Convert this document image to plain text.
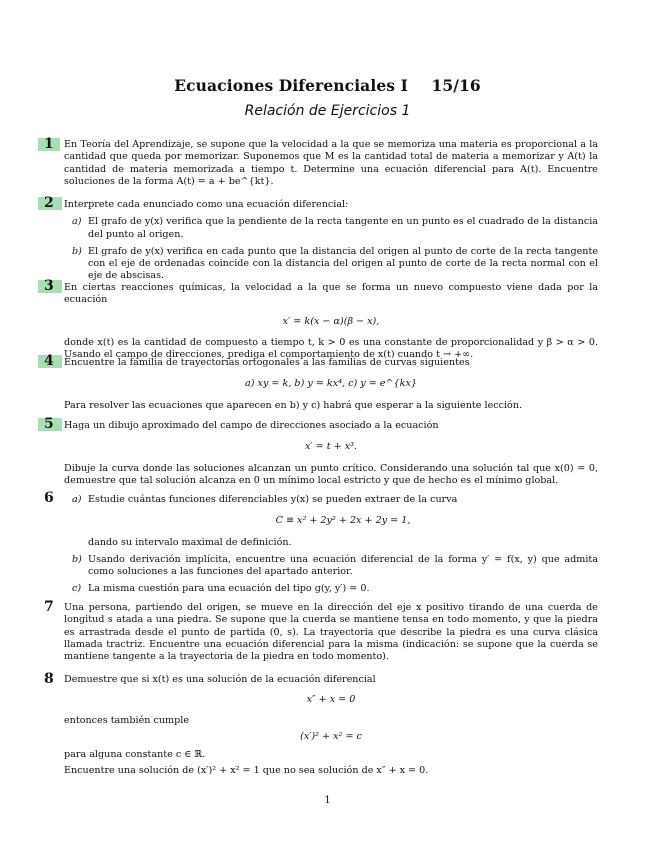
Ecuaciones Diferenciales I 15/16
Relación de Ejercicios 1
1 En Teoría del Aprendizaje, se supone que la velocidad a la que se memoriza una materia es proporcional a la cantidad que queda por memorizar. Suponemos que M es la cantidad total de materia a memorizar y A(t) la cantidad de materia memorizada a tiempo t. Determine una ecuación diferencial para A(t). Encuentre soluciones de la forma A(t) = a + be^{kt}.

2 Interprete cada enunciado como una ecuación diferencial:

a) El grafo de y(x) verifica que la pendiente de la recta tangente en un punto es el cuadrado de la distancia del punto al origen.
b) El grafo de y(x) verifica en cada punto que la distancia del origen al punto de corte de la recta tangente con el eje de ordenadas coincide con la distancia del origen al punto de corte de la recta normal con el eje de abscisas.
3 En ciertas reacciones químicas, la velocidad a la que se forma un nuevo compuesto viene dada por la ecuación

x′ = k(x − α)(β − x),

donde x(t) es la cantidad de compuesto a tiempo t, k > 0 es una constante de proporcionalidad y β > α > 0. Usando el campo de direcciones, prediga el comportamiento de x(t) cuando t → +∞.

4 Encuentre la familia de trayectorias ortogonales a las familias de curvas siguientes

a) xy = k, b) y = kx⁴, c) y = e^{kx}

Para resolver las ecuaciones que aparecen en b) y c) habrá que esperar a la siguiente lección.

5 Haga un dibujo aproximado del campo de direcciones asociado a la ecuación

x′ = t + x³.

Dibuje la curva donde las soluciones alcanzan un punto crítico. Considerando una solución tal que x(0) = 0, demuestre que tal solución alcanza en 0 un mínimo local estricto y que de hecho es el mínimo global.

6 a) Estudie cuántas funciones diferenciables y(x) se pueden extraer de la curva

C ≡ x² + 2y² + 2x + 2y = 1,

dando su intervalo maximal de definición.

b) Usando derivación implícita, encuentre una ecuación diferencial de la forma y′ = f(x, y) que admita como soluciones a las funciones del apartado anterior.
c) La misma cuestión para una ecuación del tipo g(y, y′) = 0.
7 Una persona, partiendo del origen, se mueve en la dirección del eje x positivo tirando de una cuerda de longitud s atada a una piedra. Se supone que la cuerda se mantiene tensa en todo momento, y que la piedra es arrastrada desde el punto de partida (0, s). La trayectoria que describe la piedra es una curva clásica llamada tractriz. Encuentre una ecuación diferencial para la misma (indicación: se supone que la cuerda se mantiene tangente a la trayectoria de la piedra en todo momento).

8 Demuestre que si x(t) es una solución de la ecuación diferencial

x″ + x = 0

entonces también cumple

(x′)² + x² = c

para alguna constante c ∈ ℝ.

Encuentre una solución de (x′)² + x² = 1 que no sea solución de x″ + x = 0.

1
